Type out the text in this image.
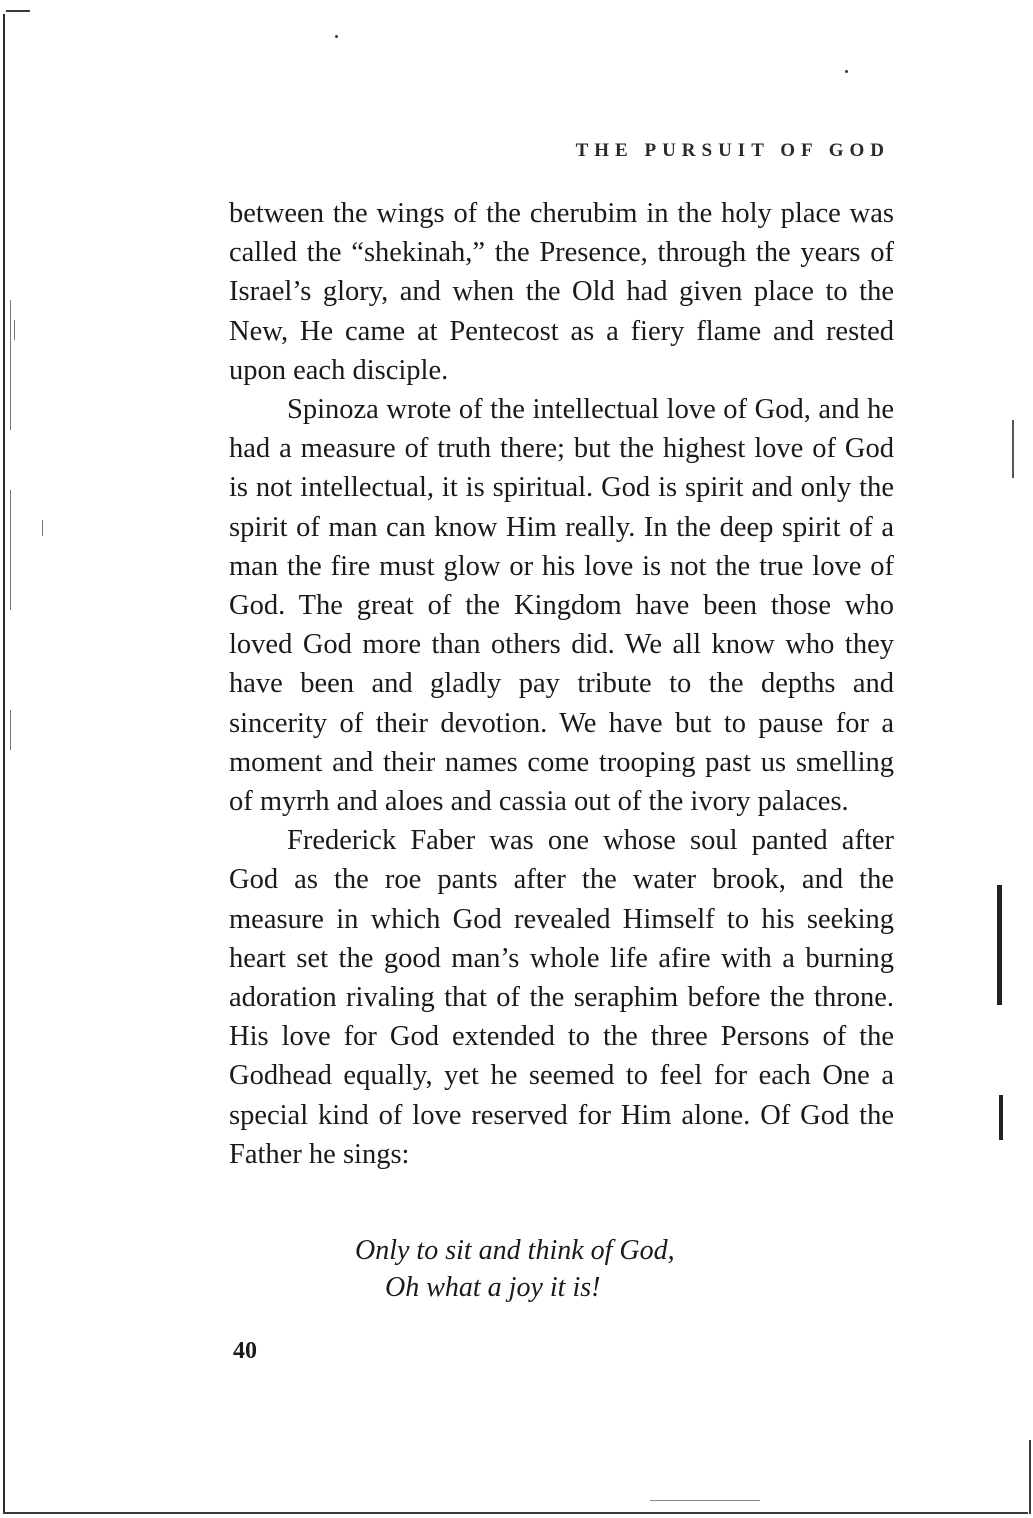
THE PURSUIT OF GOD

between the wings of the cherubim in the holy place was called the “shekinah,” the Presence, through the years of Israel’s glory, and when the Old had given place to the New, He came at Pentecost as a fiery flame and rested upon each disciple.

Spinoza wrote of the intellectual love of God, and he had a measure of truth there; but the highest love of God is not intellectual, it is spiritual. God is spirit and only the spirit of man can know Him really. In the deep spirit of a man the fire must glow or his love is not the true love of God. The great of the Kingdom have been those who loved God more than others did. We all know who they have been and gladly pay tribute to the depths and sincerity of their devotion. We have but to pause for a moment and their names come trooping past us smelling of myrrh and aloes and cassia out of the ivory palaces.

Frederick Faber was one whose soul panted after God as the roe pants after the water brook, and the measure in which God revealed Himself to his seeking heart set the good man’s whole life afire with a burning adoration rivaling that of the seraphim before the throne. His love for God extended to the three Persons of the Godhead equally, yet he seemed to feel for each One a special kind of love reserved for Him alone. Of God the Father he sings:

Only to sit and think of God,
Oh what a joy it is!
40
